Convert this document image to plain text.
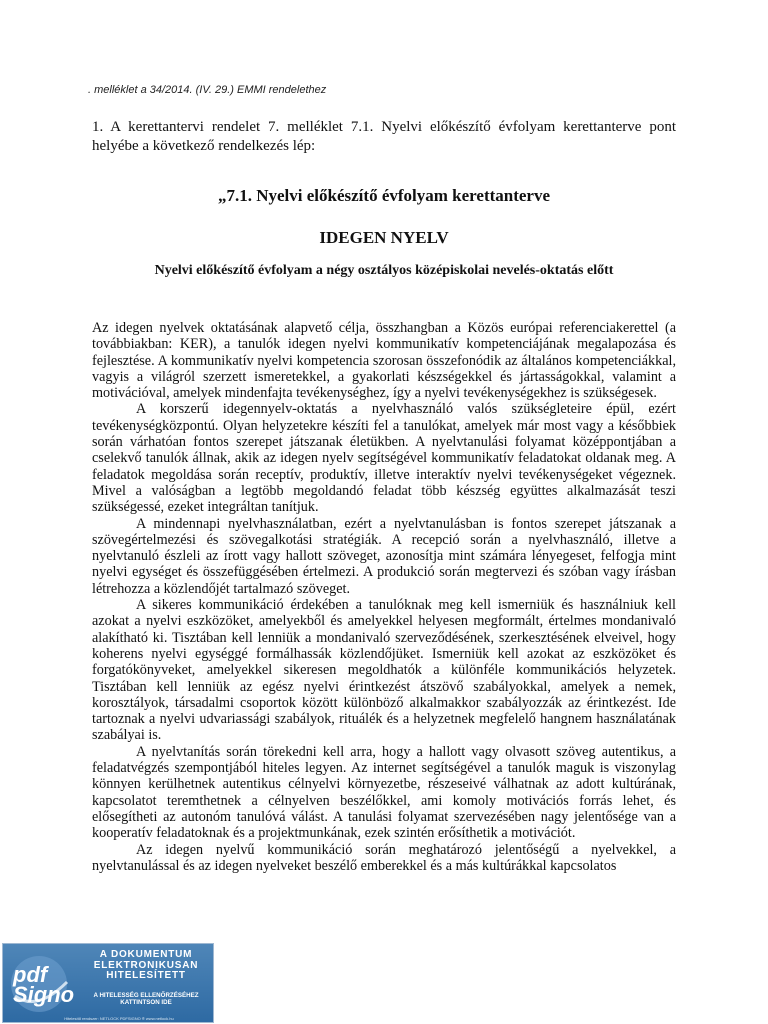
. melléklet a 34/2014. (IV. 29.) EMMI rendelethez
1. A kerettantervi rendelet 7. melléklet 7.1. Nyelvi előkészítő évfolyam kerettanterve pont helyébe a következő rendelkezés lép:
„7.1. Nyelvi előkészítő évfolyam kerettanterve
IDEGEN NYELV
Nyelvi előkészítő évfolyam a négy osztályos középiskolai nevelés-oktatás előtt

Az idegen nyelvek oktatásának alapvető célja, összhangban a Közös európai referenciakerettel (a továbbiakban: KER), a tanulók idegen nyelvi kommunikatív kompetenciájának megalapozása és fejlesztése. A kommunikatív nyelvi kompetencia szorosan összefonódik az általános kompetenciákkal, vagyis a világról szerzett ismeretekkel, a gyakorlati készségekkel és jártasságokkal, valamint a motivációval, amelyek mindenfajta tevékenységhez, így a nyelvi tevékenységekhez is szükségesek.

A korszerű idegennyelv-oktatás a nyelvhasználó valós szükségleteire épül, ezért tevékenységközpontú. Olyan helyzetekre készíti fel a tanulókat, amelyek már most vagy a későbbiek során várhatóan fontos szerepet játszanak életükben. A nyelvtanulási folyamat középpontjában a cselekvő tanulók állnak, akik az idegen nyelv segítségével kommunikatív feladatokat oldanak meg. A feladatok megoldása során receptív, produktív, illetve interaktív nyelvi tevékenységeket végeznek. Mivel a valóságban a legtöbb megoldandó feladat több készség együttes alkalmazását teszi szükségessé, ezeket integráltan tanítjuk.

A mindennapi nyelvhasználatban, ezért a nyelvtanulásban is fontos szerepet játszanak a szövegértelmezési és szövegalkotási stratégiák. A recepció során a nyelvhasználó, illetve a nyelvtanuló észleli az írott vagy hallott szöveget, azonosítja mint számára lényegeset, felfogja mint nyelvi egységet és összefüggésében értelmezi. A produkció során megtervezi és szóban vagy írásban létrehozza a közlendőjét tartalmazó szöveget.

A sikeres kommunikáció érdekében a tanulóknak meg kell ismerniük és használniuk kell azokat a nyelvi eszközöket, amelyekből és amelyekkel helyesen megformált, értelmes mondanivaló alakítható ki. Tisztában kell lenniük a mondanivaló szerveződésének, szerkesztésének elveivel, hogy koherens nyelvi egységgé formálhassák közlendőjüket. Ismerniük kell azokat az eszközöket és forgatókönyveket, amelyekkel sikeresen megoldhatók a különféle kommunikációs helyzetek. Tisztában kell lenniük az egész nyelvi érintkezést átszövő szabályokkal, amelyek a nemek, korosztályok, társadalmi csoportok között különböző alkalmakkor szabályozzák az érintkezést. Ide tartoznak a nyelvi udvariassági szabályok, rituálék és a helyzetnek megfelelő hangnem használatának szabályai is.

A nyelvtanítás során törekedni kell arra, hogy a hallott vagy olvasott szöveg autentikus, a feladatvégzés szempontjából hiteles legyen. Az internet segítségével a tanulók maguk is viszonylag könnyen kerülhetnek autentikus célnyelvi környezetbe, részeseivé válhatnak az adott kultúrának, kapcsolatot teremthetnek a célnyelven beszélőkkel, ami komoly motivációs forrás lehet, és elősegítheti az autonóm tanulóvá válást. A tanulási folyamat szervezésében nagy jelentősége van a kooperatív feladatoknak és a projektmunkának, ezek szintén erősíthetik a motivációt.

Az idegen nyelvű kommunikáció során meghatározó jelentőségű a nyelvekkel, a nyelvtanulással és az idegen nyelveket beszélő emberekkel és a más kultúrákkal kapcsolatos

pdf
Signo
A DOKUMENTUM
ELEKTRONIKUSAN
HITELESÍTETT
A HITELESSÉG ELLENŐRZÉSÉHEZ
KATTINTSON IDE
Hitelesítő rendszer: NETLOCK PDFSIGNO ® www.netlock.hu
